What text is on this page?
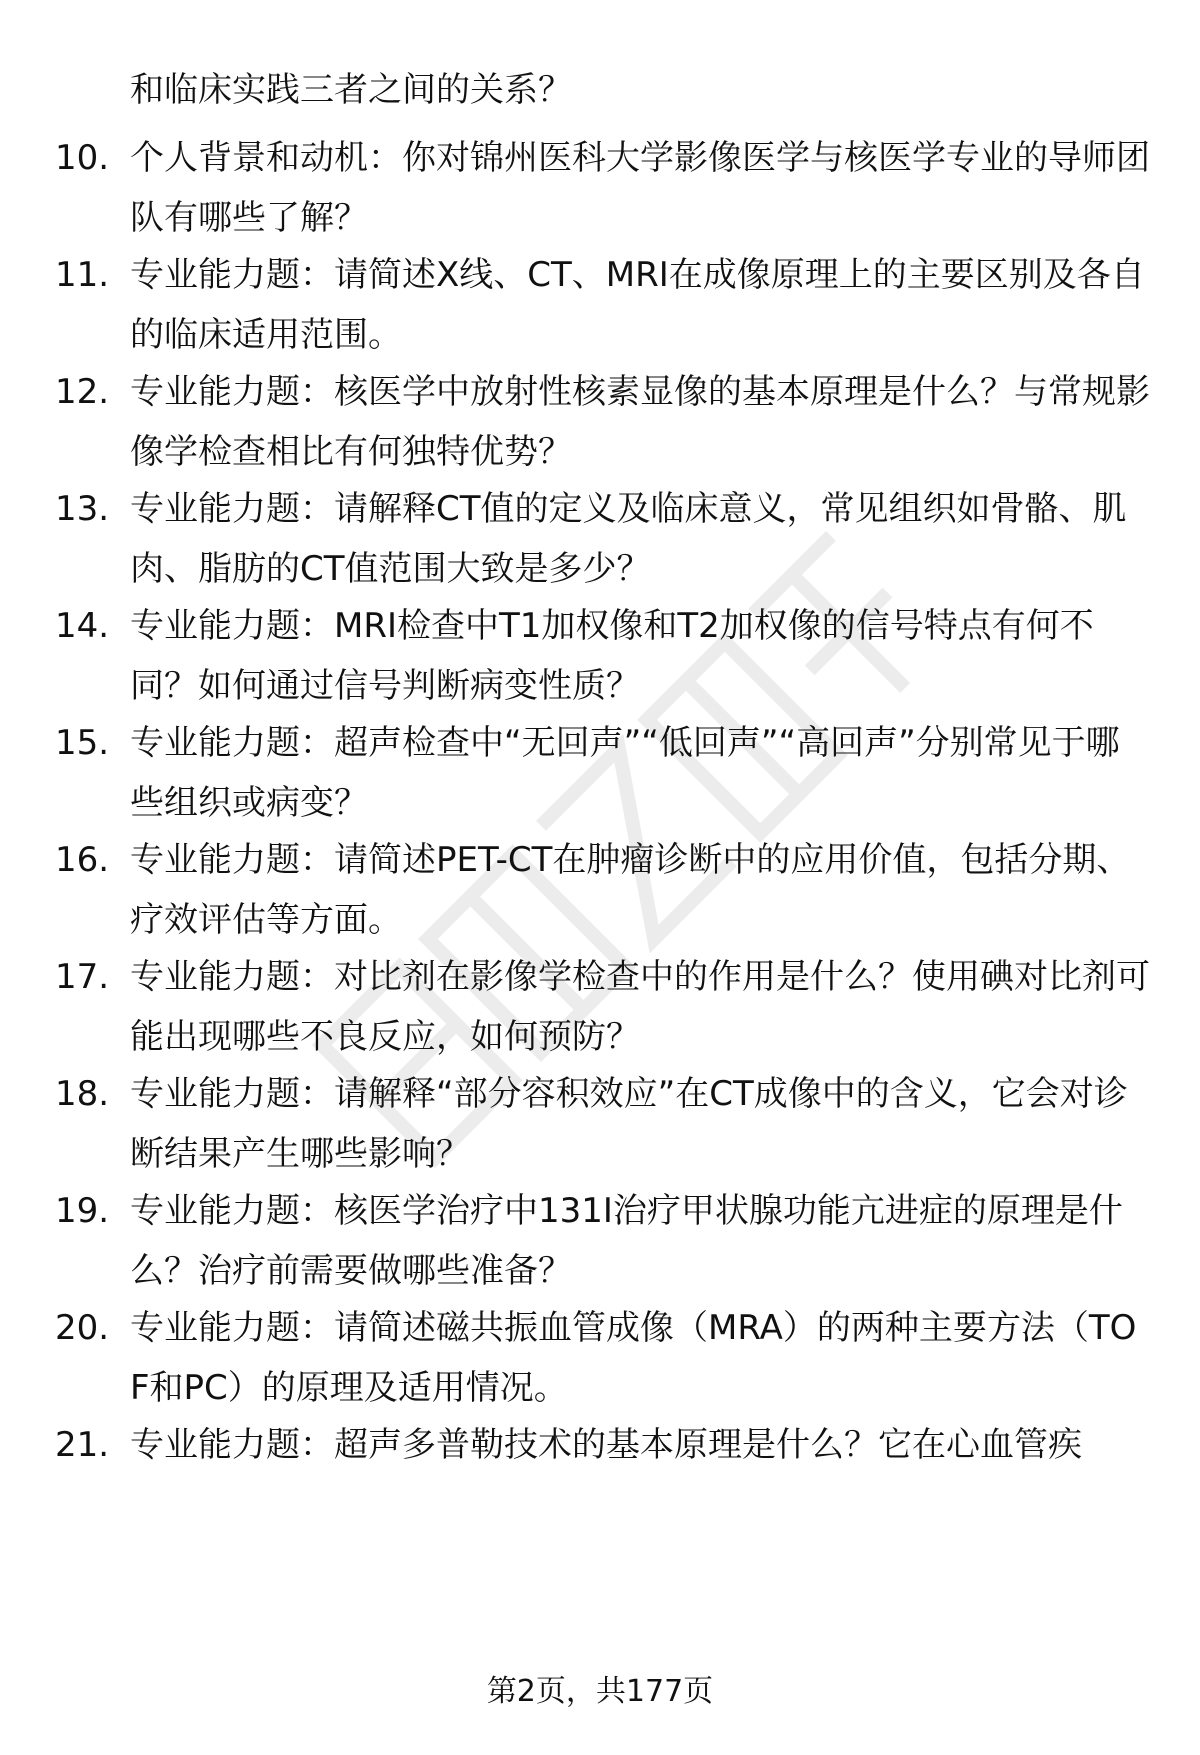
和临床实践三者之间的关系？
10. 个人背景和动机：你对锦州医科大学影像医学与核医学专业的导师团队有哪些了解？
11. 专业能力题：请简述X线、CT、MRI在成像原理上的主要区别及各自的临床适用范围。
12. 专业能力题：核医学中放射性核素显像的基本原理是什么？与常规影像学检查相比有何独特优势？
13. 专业能力题：请解释CT值的定义及临床意义，常见组织如骨骼、肌肉、脂肪的CT值范围大致是多少？
14. 专业能力题：MRI检查中T1加权像和T2加权像的信号特点有何不同？如何通过信号判断病变性质？
15. 专业能力题：超声检查中“无回声”“低回声”“高回声”分别常见于哪些组织或病变？
16. 专业能力题：请简述PET-CT在肿瘤诊断中的应用价值，包括分期、疗效评估等方面。
17. 专业能力题：对比剂在影像学检查中的作用是什么？使用碘对比剂可能出现哪些不良反应，如何预防？
18. 专业能力题：请解释“部分容积效应”在CT成像中的含义，它会对诊断结果产生哪些影响？
19. 专业能力题：核医学治疗中131I治疗甲状腺功能亢进症的原理是什么？治疗前需要做哪些准备？
20. 专业能力题：请简述磁共振血管成像（MRA）的两种主要方法（TOF和PC）的原理及适用情况。
21. 专业能力题：超声多普勒技术的基本原理是什么？它在心血管疾
第2页，共177页
